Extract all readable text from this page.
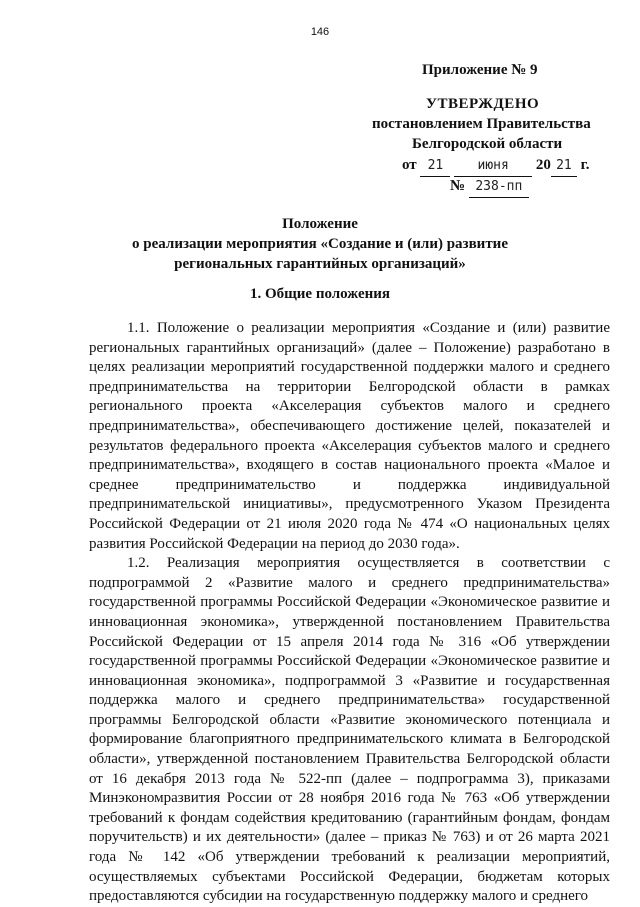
146
Приложение № 9
УТВЕРЖДЕНО
постановлением Правительства
Белгородской области
от 21	июня 20 21 г.
№ 238-пп
Положение
о реализации мероприятия «Создание и (или) развитие
региональных гарантийных организаций»
1. Общие положения

1.1. Положение о реализации мероприятия «Создание и (или) развитие региональных гарантийных организаций» (далее – Положение) разработано в целях реализации мероприятий государственной поддержки малого и среднего предпринимательства на территории Белгородской области в рамках регионального проекта «Акселерация субъектов малого и среднего предпринимательства», обеспечивающего достижение целей, показателей и результатов федерального проекта «Акселерация субъектов малого и среднего предпринимательства», входящего в состав национального проекта «Малое и среднее предпринимательство и поддержка индивидуальной предпринимательской инициативы», предусмотренного Указом Президента Российской Федерации от 21 июля 2020 года № 474 «О национальных целях развития Российской Федерации на период до 2030 года».

1.2. Реализация мероприятия осуществляется в соответствии с подпрограммой 2 «Развитие малого и среднего предпринимательства» государственной программы Российской Федерации «Экономическое развитие и инновационная экономика», утвержденной постановлением Правительства Российской Федерации от 15 апреля 2014 года № 316 «Об утверждении государственной программы Российской Федерации «Экономическое развитие и инновационная экономика», подпрограммой 3 «Развитие и государственная поддержка малого и среднего предпринимательства» государственной программы Белгородской области «Развитие экономического потенциала и формирование благоприятного предпринимательского климата в Белгородской области», утвержденной постановлением Правительства Белгородской области от 16 декабря 2013 года № 522-пп (далее – подпрограмма 3), приказами Минэкономразвития России от 28 ноября 2016 года № 763 «Об утверждении требований к фондам содействия кредитованию (гарантийным фондам, фондам поручительств) и их деятельности» (далее – приказ № 763) и от 26 марта 2021 года № 142 «Об утверждении требований к реализации мероприятий, осуществляемых субъектами Российской Федерации, бюджетам которых предоставляются субсидии на государственную поддержку малого и среднего
